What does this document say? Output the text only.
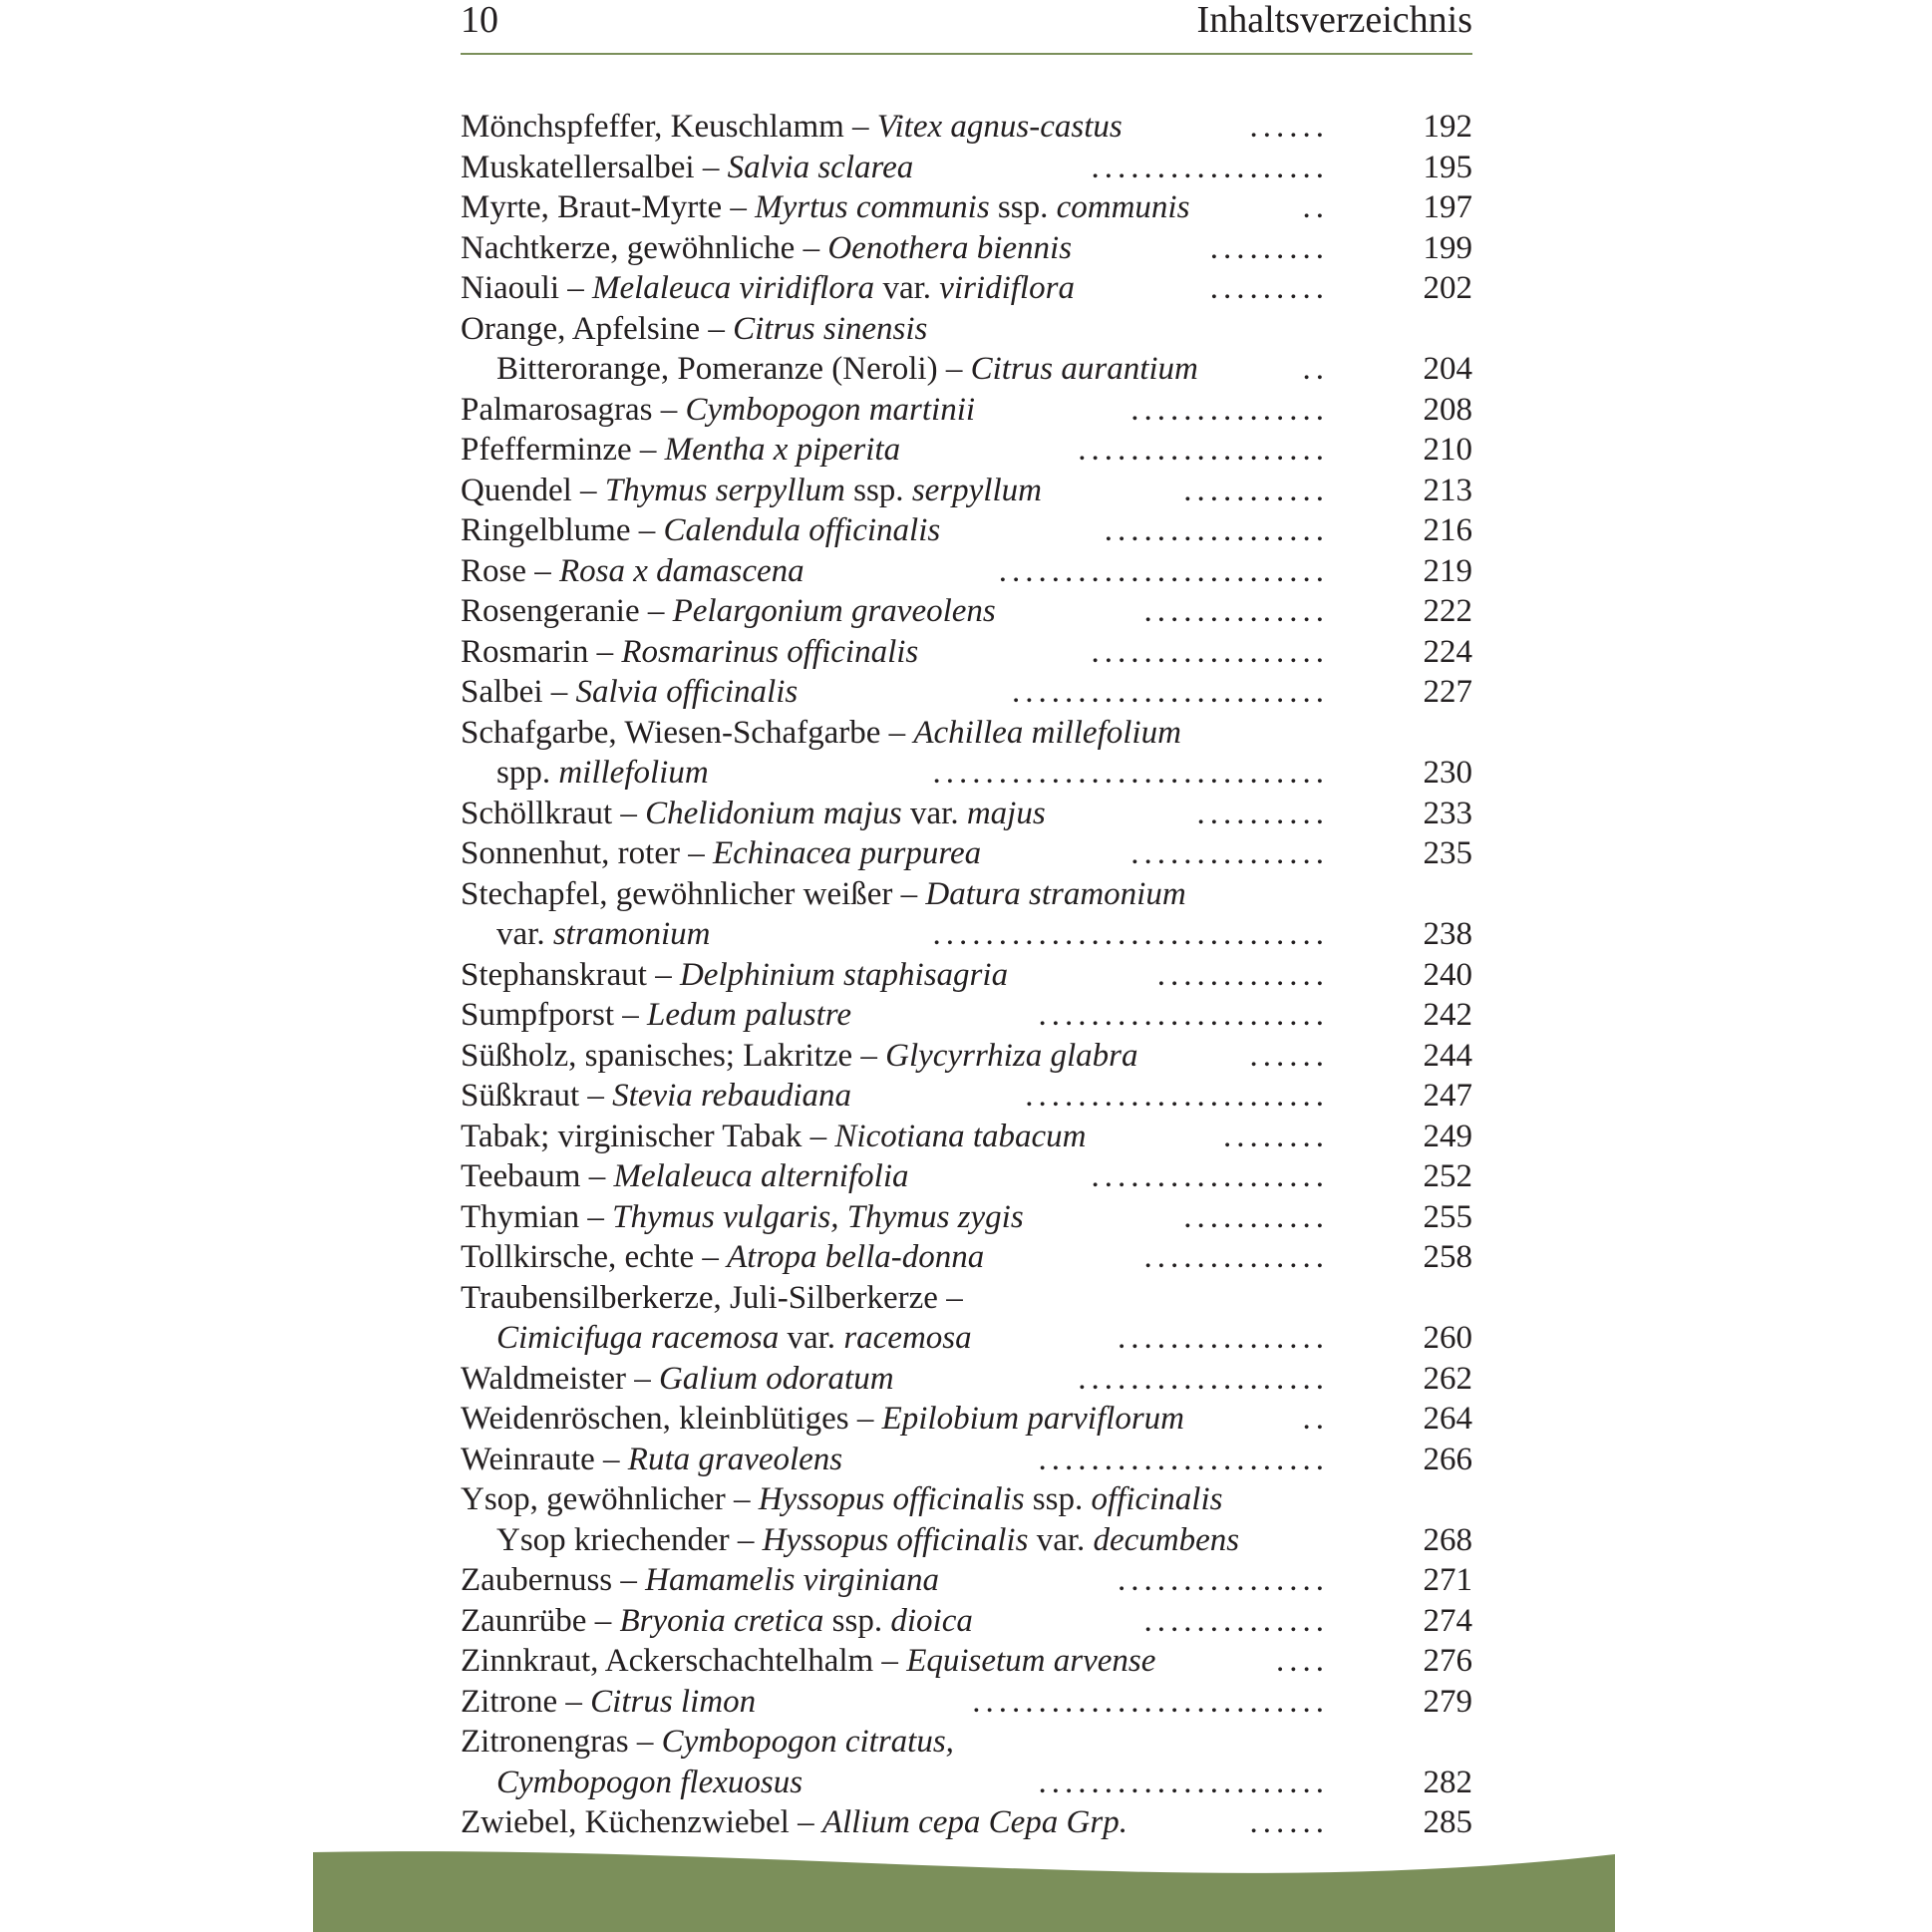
10	Inhaltsverzeichnis
Mönchspfeffer, Keuschlamm – Vitex agnus-castus	......	192
Muskatellersalbei – Salvia sclarea	..................	195
Myrte, Braut-Myrte – Myrtus communis ssp. communis	..	197
Nachtkerze, gewöhnliche – Oenothera biennis	.........	199
Niaouli – Melaleuca viridiflora var. viridiflora	.........	202
Orange, Apfelsine – Citrus sinensis
Bitterorange, Pomeranze (Neroli) – Citrus aurantium	..	204
Palmarosagras – Cymbopogon martinii	...............	208
Pfefferminze – Mentha x piperita	...................	210
Quendel – Thymus serpyllum ssp. serpyllum	...........	213
Ringelblume – Calendula officinalis	.................	216
Rose – Rosa x damascena	.........................	219
Rosengeranie – Pelargonium graveolens	..............	222
Rosmarin – Rosmarinus officinalis	..................	224
Salbei – Salvia officinalis	........................	227
Schafgarbe, Wiesen-Schafgarbe – Achillea millefolium
spp. millefolium	..............................	230
Schöllkraut – Chelidonium majus var. majus	..........	233
Sonnenhut, roter – Echinacea purpurea	...............	235
Stechapfel, gewöhnlicher weißer – Datura stramonium
var. stramonium	..............................	238
Stephanskraut – Delphinium staphisagria	.............	240
Sumpfporst – Ledum palustre	......................	242
Süßholz, spanisches; Lakritze – Glycyrrhiza glabra	......	244
Süßkraut – Stevia rebaudiana	.......................	247
Tabak; virginischer Tabak – Nicotiana tabacum	........	249
Teebaum – Melaleuca alternifolia	..................	252
Thymian – Thymus vulgaris, Thymus zygis	...........	255
Tollkirsche, echte – Atropa bella-donna	..............	258
Traubensilberkerze, Juli-Silberkerze –
Cimicifuga racemosa var. racemosa	................	260
Waldmeister – Galium odoratum	...................	262
Weidenröschen, kleinblütiges – Epilobium parviflorum	..	264
Weinraute – Ruta graveolens	......................	266
Ysop, gewöhnlicher – Hyssopus officinalis ssp. officinalis
Ysop kriechender – Hyssopus officinalis var. decumbens	268
Zaubernuss – Hamamelis virginiana	................	271
Zaunrübe – Bryonia cretica ssp. dioica	..............	274
Zinnkraut, Ackerschachtelhalm – Equisetum arvense	....	276
Zitrone – Citrus limon	...........................	279
Zitronengras – Cymbopogon citratus,
Cymbopogon flexuosus	......................	282
Zwiebel, Küchenzwiebel – Allium cepa Cepa Grp.	......	285
